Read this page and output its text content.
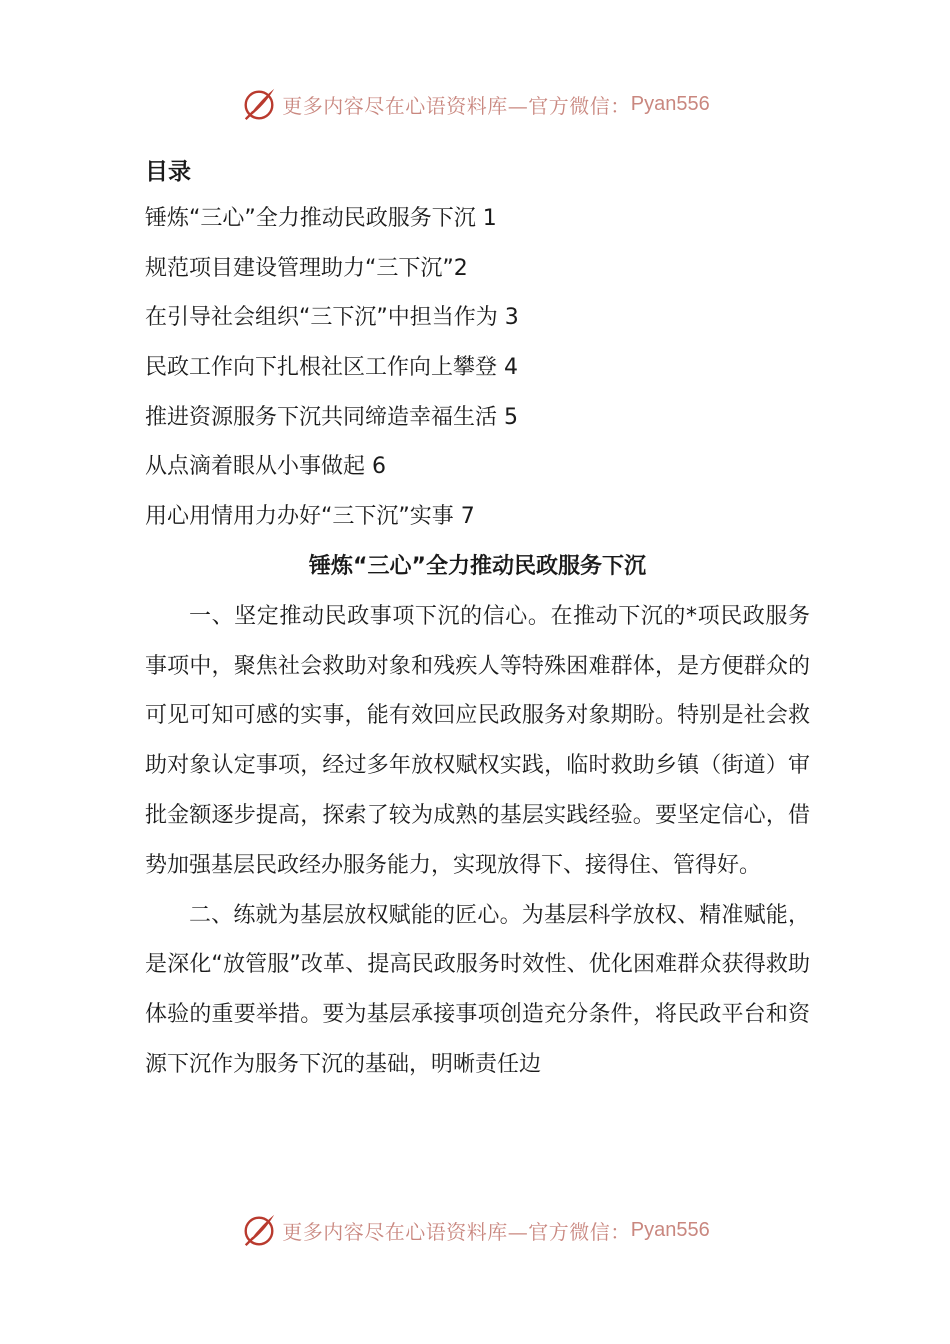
更多内容尽在心语资料库—官方微信： Pyan556
目录
锤炼“三心”全力推动民政服务下沉 1
规范项目建设管理助力“三下沉”2
在引导社会组织“三下沉”中担当作为 3
民政工作向下扎根社区工作向上攀登 4
推进资源服务下沉共同缔造幸福生活 5
从点滴着眼从小事做起 6
用心用情用力办好“三下沉”实事 7
锤炼“三心”全力推动民政服务下沉

一、坚定推动民政事项下沉的信心。在推动下沉的*项民政服务事项中，聚焦社会救助对象和残疾人等特殊困难群体，是方便群众的可见可知可感的实事，能有效回应民政服务对象期盼。特别是社会救助对象认定事项，经过多年放权赋权实践，临时救助乡镇（街道）审批金额逐步提高，探索了较为成熟的基层实践经验。要坚定信心，借势加强基层民政经办服务能力，实现放得下、接得住、管得好。

二、练就为基层放权赋能的匠心。为基层科学放权、精准赋能，是深化“放管服”改革、提高民政服务时效性、优化困难群众获得救助体验的重要举措。要为基层承接事项创造充分条件，将民政平台和资源下沉作为服务下沉的基础，明晰责任边

更多内容尽在心语资料库—官方微信： Pyan556
